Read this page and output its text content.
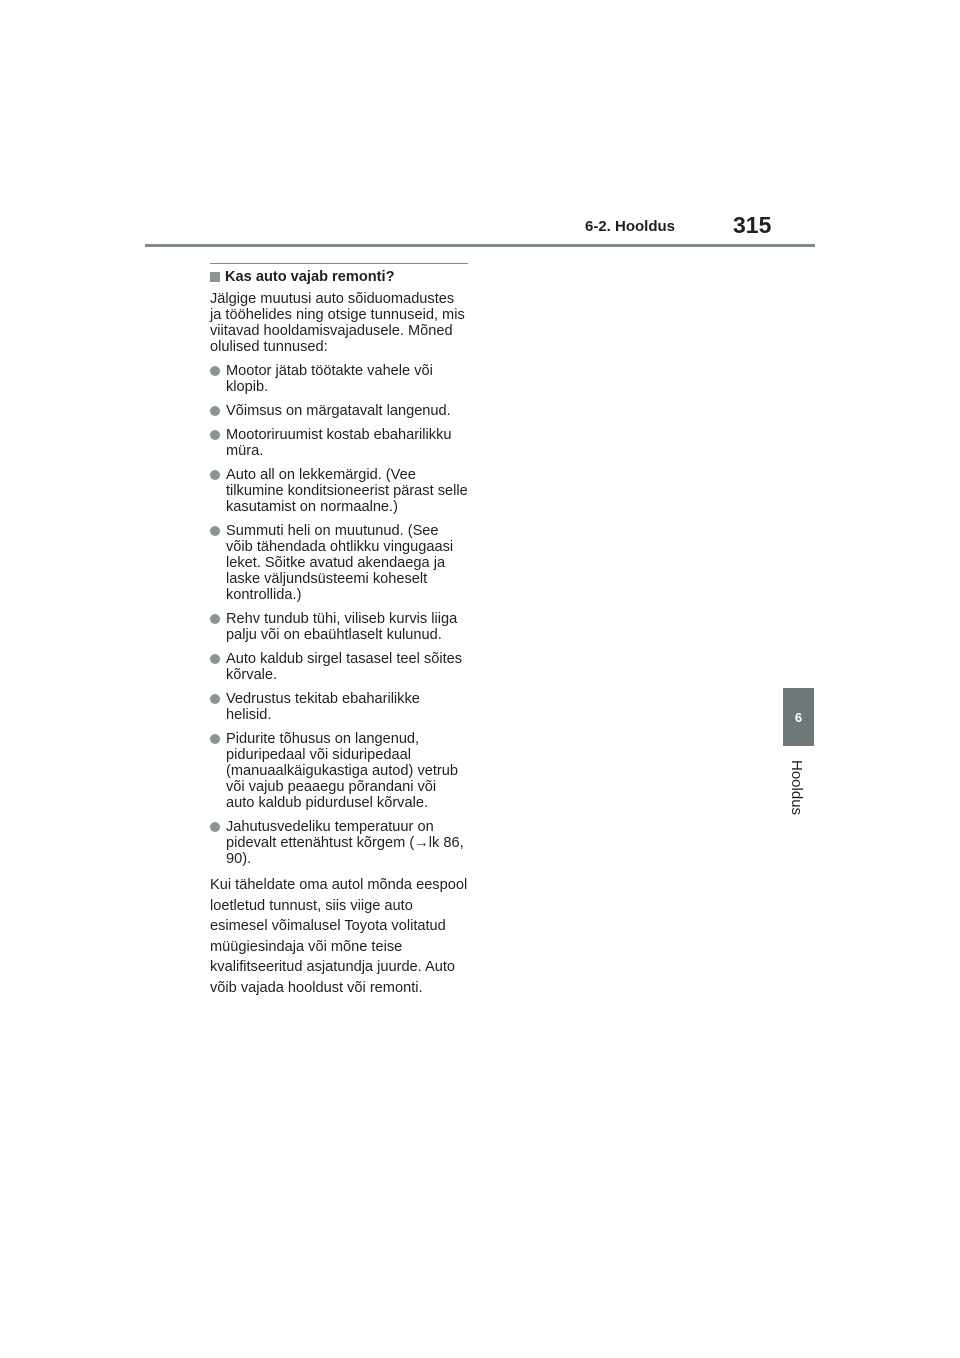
6-2. Hooldus	315
6
Hooldus
Kas auto vajab remonti?

Jälgige muutusi auto sõiduomadustes ja tööhelides ning otsige tunnuseid, mis viitavad hooldamisvajadusele. Mõned olulised tunnused:

Mootor jätab töötakte vahele või klopib.
Võimsus on märgatavalt langenud.
Mootoriruumist kostab ebaharilikku müra.
Auto all on lekkemärgid. (Vee tilkumine konditsioneerist pärast selle kasutamist on normaalne.)
Summuti heli on muutunud. (See võib tähendada ohtlikku vingugaasi leket. Sõitke avatud akendaega ja laske väljundsüsteemi koheselt kontrollida.)
Rehv tundub tühi, viliseb kurvis liiga palju või on ebaühtlaselt kulunud.
Auto kaldub sirgel tasasel teel sõites kõrvale.
Vedrustus tekitab ebaharilikke helisid.
Pidurite tõhusus on langenud, piduripedaal või siduripedaal (manuaalkäigukastiga autod) vetrub või vajub peaaegu põrandani või auto kaldub pidurdusel kõrvale.
Jahutusvedeliku temperatuur on pidevalt ettenähtust kõrgem (→lk 86, 90).

Kui täheldate oma autol mõnda eespool loetletud tunnust, siis viige auto esimesel võimalusel Toyota volitatud müügiesindaja või mõne teise kvalifitseeritud asjatundja juurde. Auto võib vajada hooldust või remonti.
